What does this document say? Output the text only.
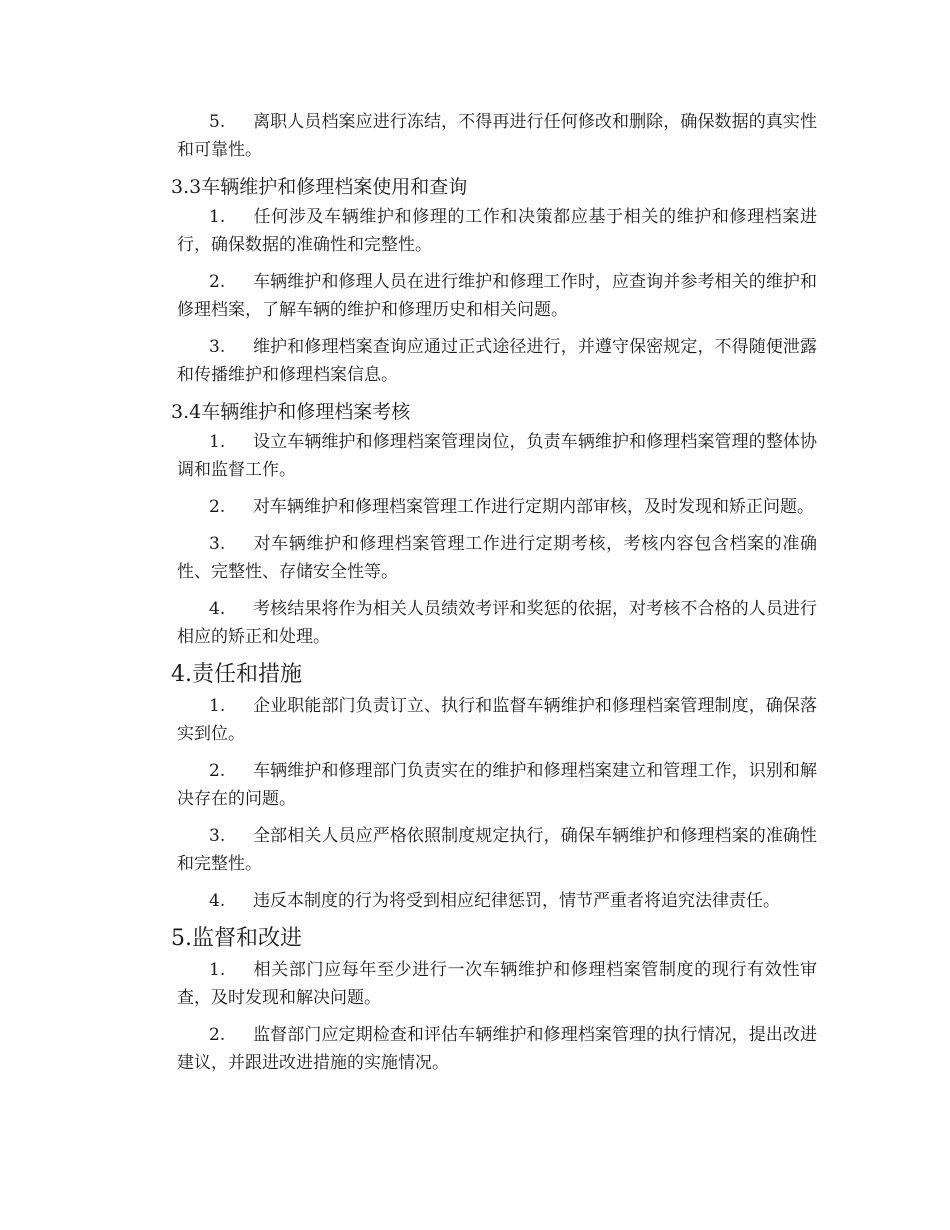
5. 离职人员档案应进行冻结，不得再进行任何修改和删除，确保数据的真实性和可靠性。

3.3车辆维护和修理档案使用和查询

1. 任何涉及车辆维护和修理的工作和决策都应基于相关的维护和修理档案进行，确保数据的准确性和完整性。

2. 车辆维护和修理人员在进行维护和修理工作时，应查询并参考相关的维护和修理档案，了解车辆的维护和修理历史和相关问题。

3. 维护和修理档案查询应通过正式途径进行，并遵守保密规定，不得随便泄露和传播维护和修理档案信息。

3.4车辆维护和修理档案考核

1. 设立车辆维护和修理档案管理岗位，负责车辆维护和修理档案管理的整体协调和监督工作。

2. 对车辆维护和修理档案管理工作进行定期内部审核，及时发现和矫正问题。

3. 对车辆维护和修理档案管理工作进行定期考核，考核内容包含档案的准确性、完整性、存储安全性等。

4. 考核结果将作为相关人员绩效考评和奖惩的依据，对考核不合格的人员进行相应的矫正和处理。

4.责任和措施

1. 企业职能部门负责订立、执行和监督车辆维护和修理档案管理制度，确保落实到位。

2. 车辆维护和修理部门负责实在的维护和修理档案建立和管理工作，识别和解决存在的问题。

3. 全部相关人员应严格依照制度规定执行，确保车辆维护和修理档案的准确性和完整性。

4. 违反本制度的行为将受到相应纪律惩罚，情节严重者将追究法律责任。

5.监督和改进

1. 相关部门应每年至少进行一次车辆维护和修理档案管制度的现行有效性审查，及时发现和解决问题。

2. 监督部门应定期检查和评估车辆维护和修理档案管理的执行情况，提出改进建议，并跟进改进措施的实施情况。
